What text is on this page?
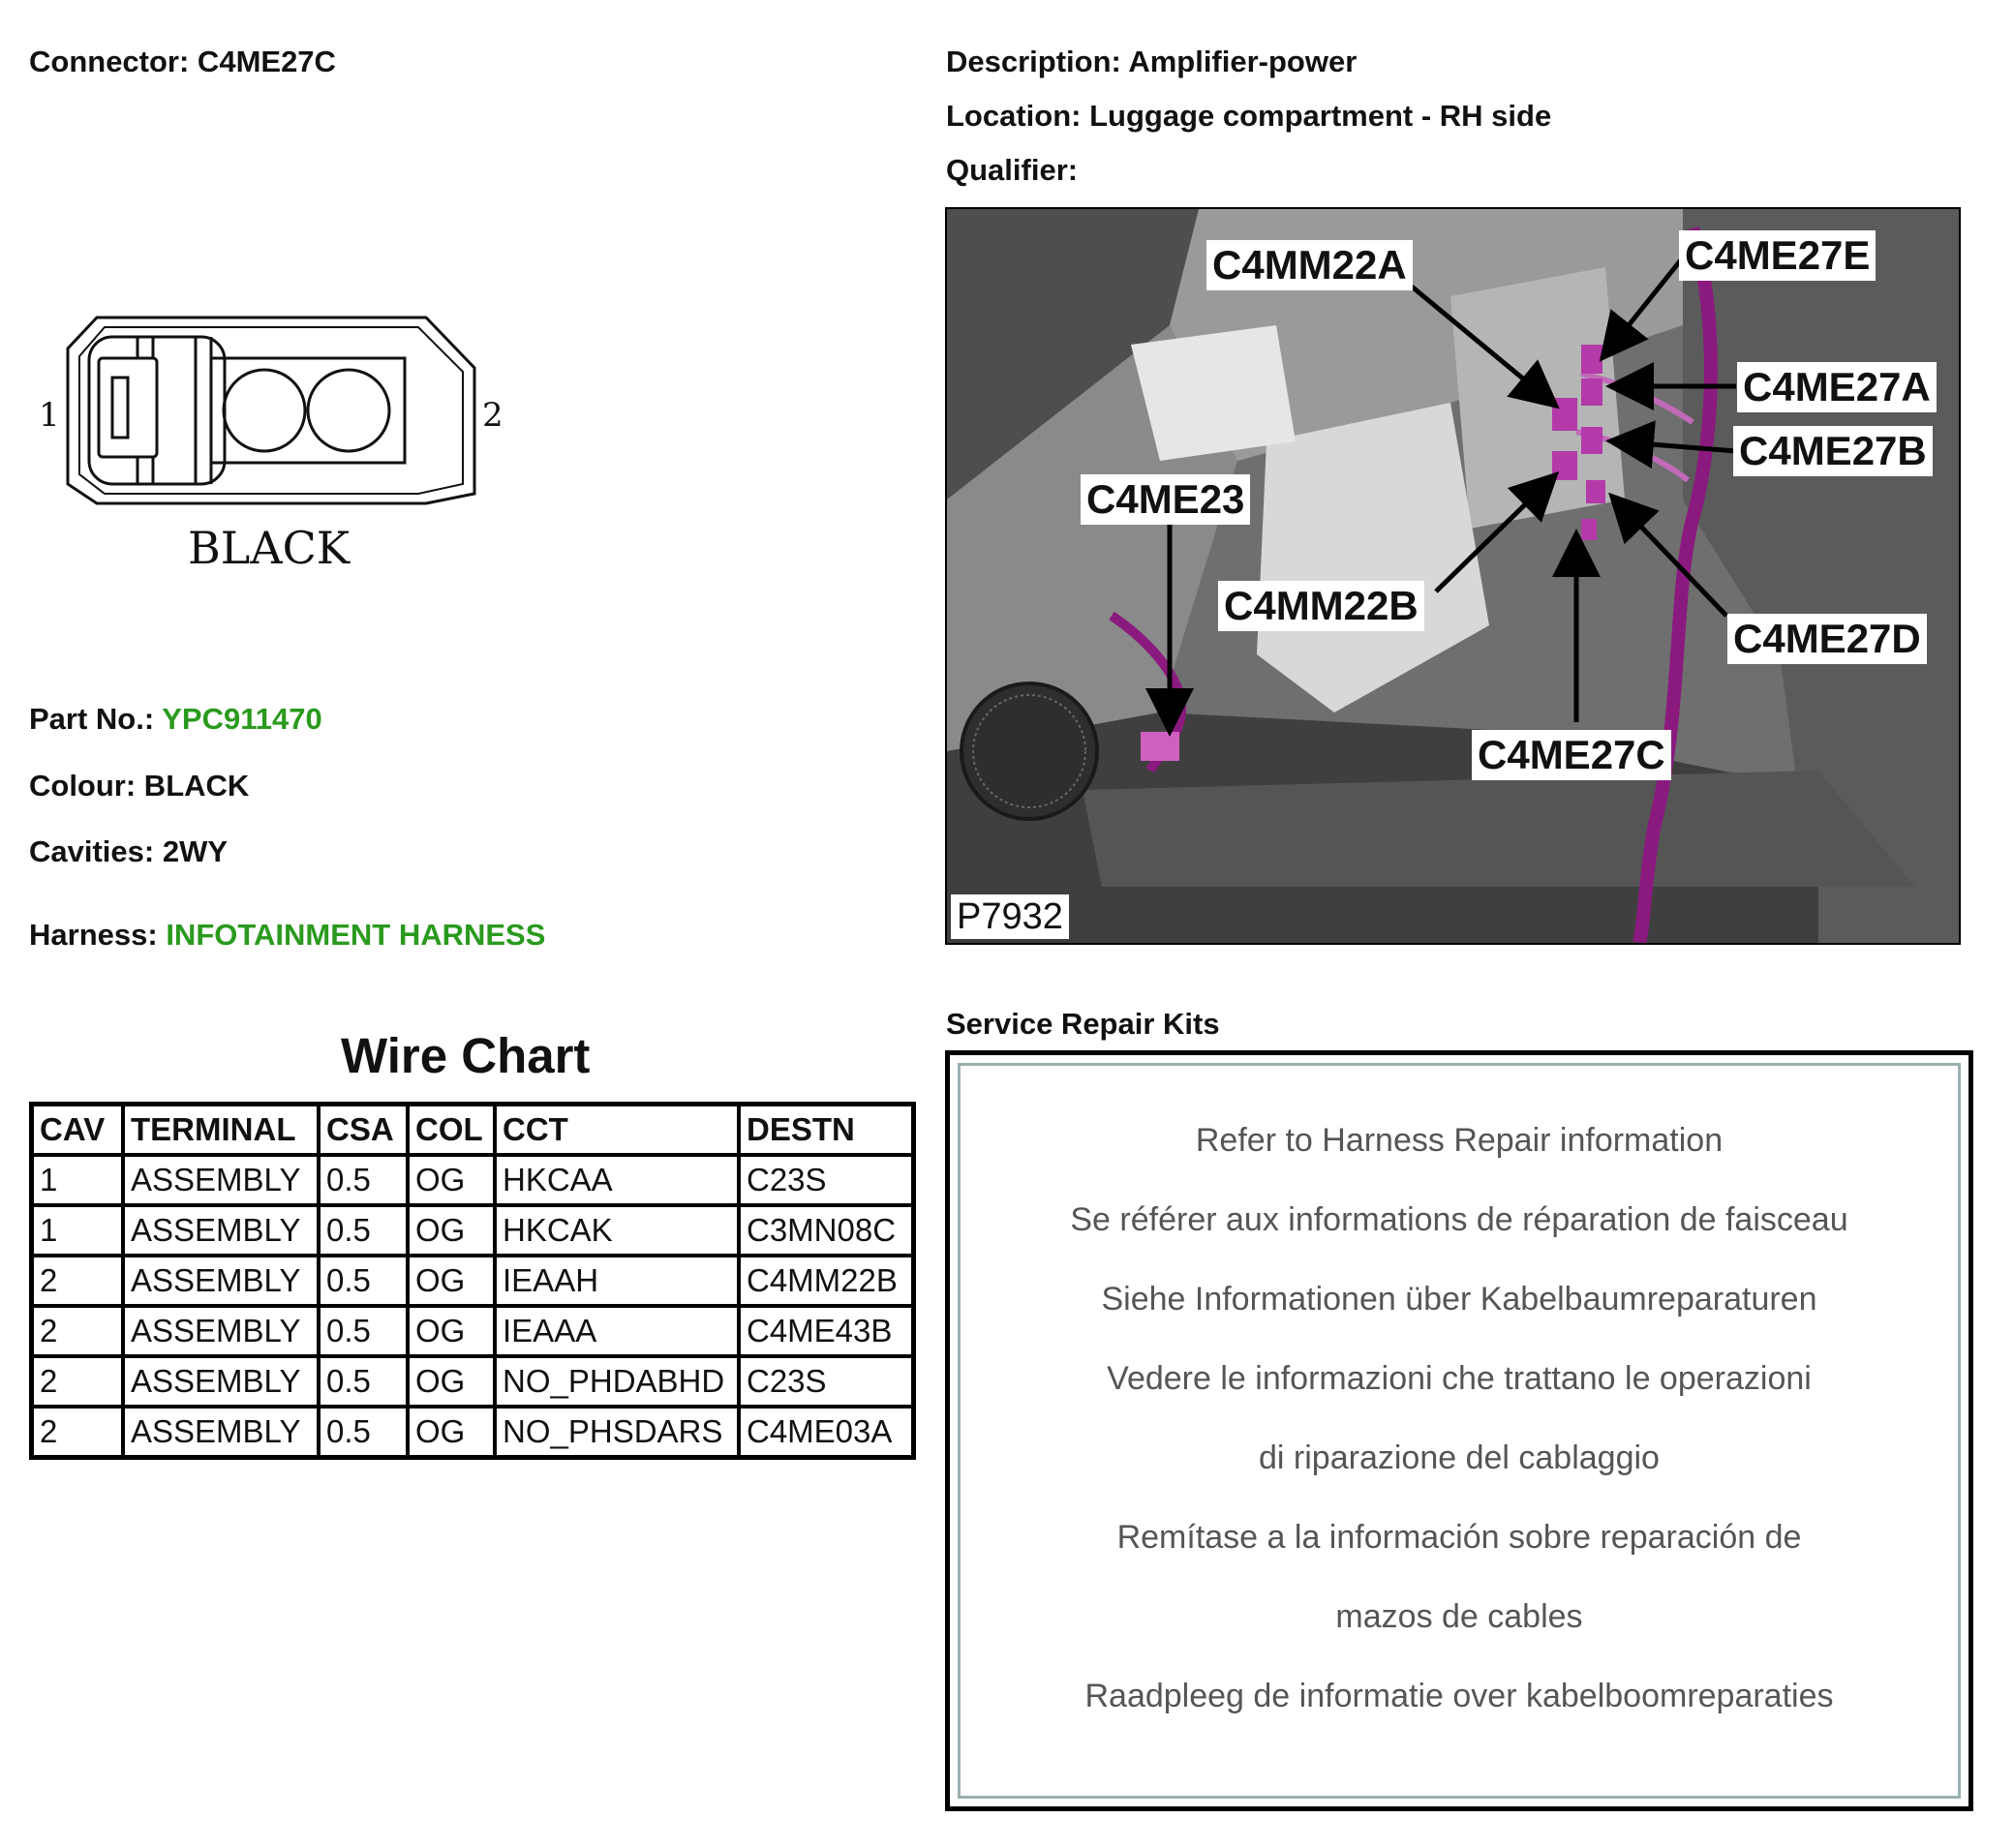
Connector: C4ME27C	Description: Amplifier-power
Location: Luggage compartment - RH side
Qualifier:
1	2
BLACK
Part No.: YPC911470
Colour: BLACK
Cavities: 2WY
Harness: INFOTAINMENT HARNESS
Wire Chart
CAV	TERMINAL	CSA	COL	CCT	DESTN
1	ASSEMBLY	0.5	OG	HKCAA	C23S
1	ASSEMBLY	0.5	OG	HKCAK	C3MN08C
2	ASSEMBLY	0.5	OG	IEAAH	C4MM22B
2	ASSEMBLY	0.5	OG	IEAAA	C4ME43B
2	ASSEMBLY	0.5	OG	NO_PHDABHD	C23S
2	ASSEMBLY	0.5	OG	NO_PHSDARS	C4ME03A
C4MM22A	C4ME27E
C4ME27A
C4ME27B
C4ME23
C4MM22B
C4ME27D
C4ME27C
P7932
Service Repair Kits
Refer to Harness Repair information
Se référer aux informations de réparation de faisceau
Siehe Informationen über Kabelbaumreparaturen
Vedere le informazioni che trattano le operazioni
di riparazione del cablaggio
Remítase a la información sobre reparación de
mazos de cables
Raadpleeg de informatie over kabelboomreparaties
